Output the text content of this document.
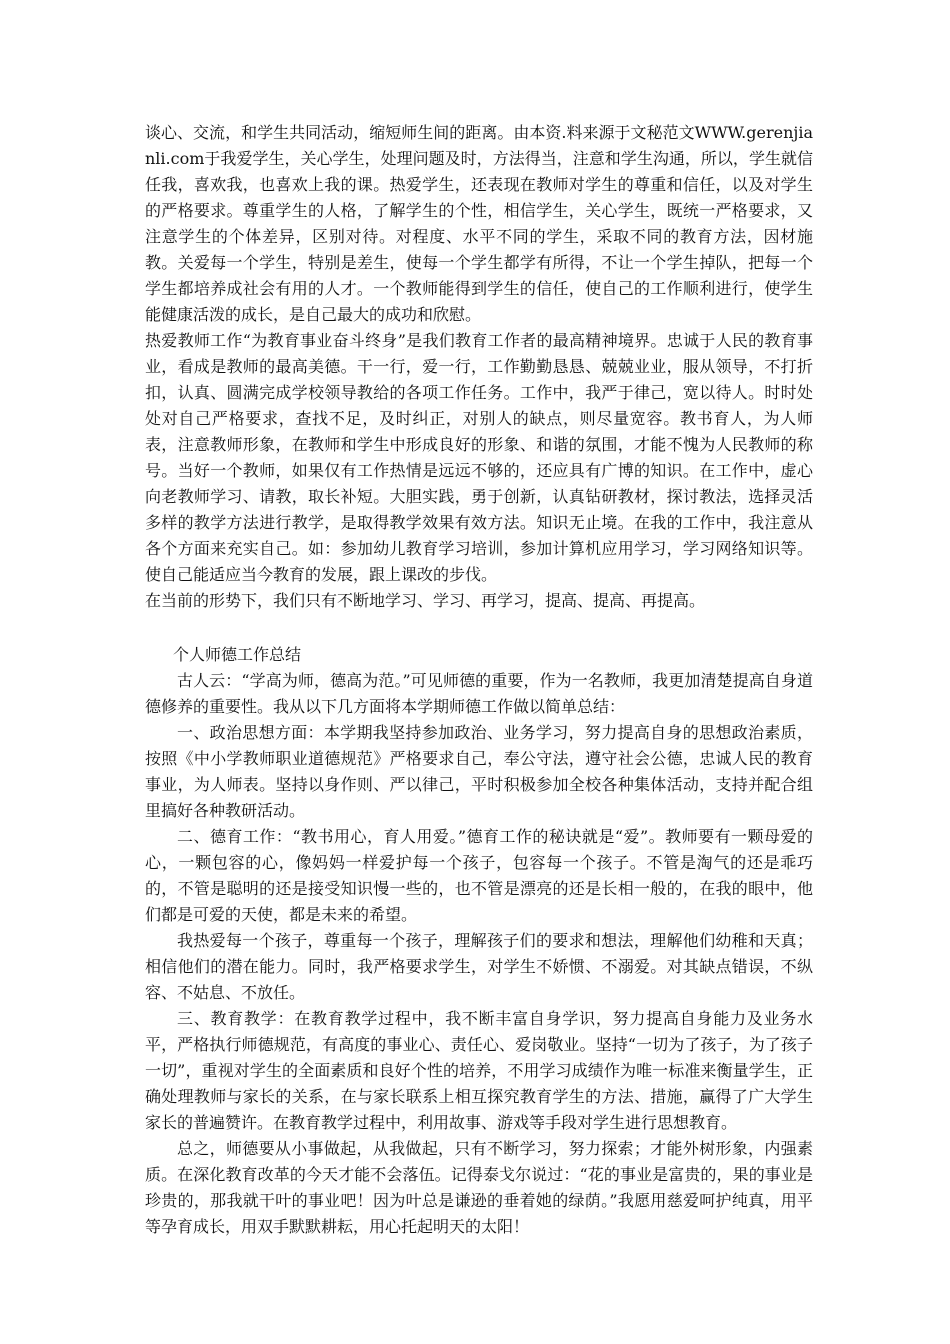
谈心、交流，和学生共同活动，缩短师生间的距离。由本资.料来源于文秘范文WWW.gerenjianli.com于我爱学生，关心学生，处理问题及时，方法得当，注意和学生沟通，所以，学生就信任我，喜欢我，也喜欢上我的课。热爱学生，还表现在教师对学生的尊重和信任，以及对学生的严格要求。尊重学生的人格，了解学生的个性，相信学生，关心学生，既统一严格要求，又注意学生的个体差异，区别对待。对程度、水平不同的学生，采取不同的教育方法，因材施教。关爱每一个学生，特别是差生，使每一个学生都学有所得，不让一个学生掉队，把每一个学生都培养成社会有用的人才。一个教师能得到学生的信任，使自己的工作顺利进行，使学生能健康活泼的成长，是自己最大的成功和欣慰。

热爱教师工作“为教育事业奋斗终身”是我们教育工作者的最高精神境界。忠诚于人民的教育事业，看成是教师的最高美德。干一行，爱一行，工作勤勤恳恳、兢兢业业，服从领导，不打折扣，认真、圆满完成学校领导教给的各项工作任务。工作中，我严于律己，宽以待人。时时处处对自己严格要求，查找不足，及时纠正，对别人的缺点，则尽量宽容。教书育人，为人师表，注意教师形象，在教师和学生中形成良好的形象、和谐的氛围，才能不愧为人民教师的称号。当好一个教师，如果仅有工作热情是远远不够的，还应具有广博的知识。在工作中，虚心向老教师学习、请教，取长补短。大胆实践，勇于创新，认真钻研教材，探讨教法，选择灵活多样的教学方法进行教学，是取得教学效果有效方法。知识无止境。在我的工作中，我注意从各个方面来充实自己。如：参加幼儿教育学习培训，参加计算机应用学习，学习网络知识等。使自己能适应当今教育的发展，跟上课改的步伐。

在当前的形势下，我们只有不断地学习、学习、再学习，提高、提高、再提高。

个人师德工作总结

古人云：“学高为师，德高为范。”可见师德的重要，作为一名教师，我更加清楚提高自身道德修养的重要性。我从以下几方面将本学期师德工作做以简单总结：

一、政治思想方面：本学期我坚持参加政治、业务学习，努力提高自身的思想政治素质，按照《中小学教师职业道德规范》严格要求自己，奉公守法，遵守社会公德，忠诚人民的教育事业，为人师表。坚持以身作则、严以律己，平时积极参加全校各种集体活动，支持并配合组里搞好各种教研活动。

二、德育工作：“教书用心，育人用爱。”德育工作的秘诀就是“爱”。教师要有一颗母爱的心，一颗包容的心，像妈妈一样爱护每一个孩子，包容每一个孩子。不管是淘气的还是乖巧的，不管是聪明的还是接受知识慢一些的，也不管是漂亮的还是长相一般的，在我的眼中，他们都是可爱的天使，都是未来的希望。

我热爱每一个孩子，尊重每一个孩子，理解孩子们的要求和想法，理解他们幼稚和天真；相信他们的潜在能力。同时，我严格要求学生，对学生不娇惯、不溺爱。对其缺点错误，不纵容、不姑息、不放任。

三、教育教学：在教育教学过程中，我不断丰富自身学识，努力提高自身能力及业务水平，严格执行师德规范，有高度的事业心、责任心、爱岗敬业。坚持“一切为了孩子，为了孩子一切”，重视对学生的全面素质和良好个性的培养，不用学习成绩作为唯一标准来衡量学生，正确处理教师与家长的关系，在与家长联系上相互探究教育学生的方法、措施，赢得了广大学生家长的普遍赞许。在教育教学过程中，利用故事、游戏等手段对学生进行思想教育。

总之，师德要从小事做起，从我做起，只有不断学习，努力探索；才能外树形象，内强素质。在深化教育改革的今天才能不会落伍。记得泰戈尔说过：“花的事业是富贵的，果的事业是珍贵的，那我就干叶的事业吧！因为叶总是谦逊的垂着她的绿荫。”我愿用慈爱呵护纯真，用平等孕育成长，用双手默默耕耘，用心托起明天的太阳！
